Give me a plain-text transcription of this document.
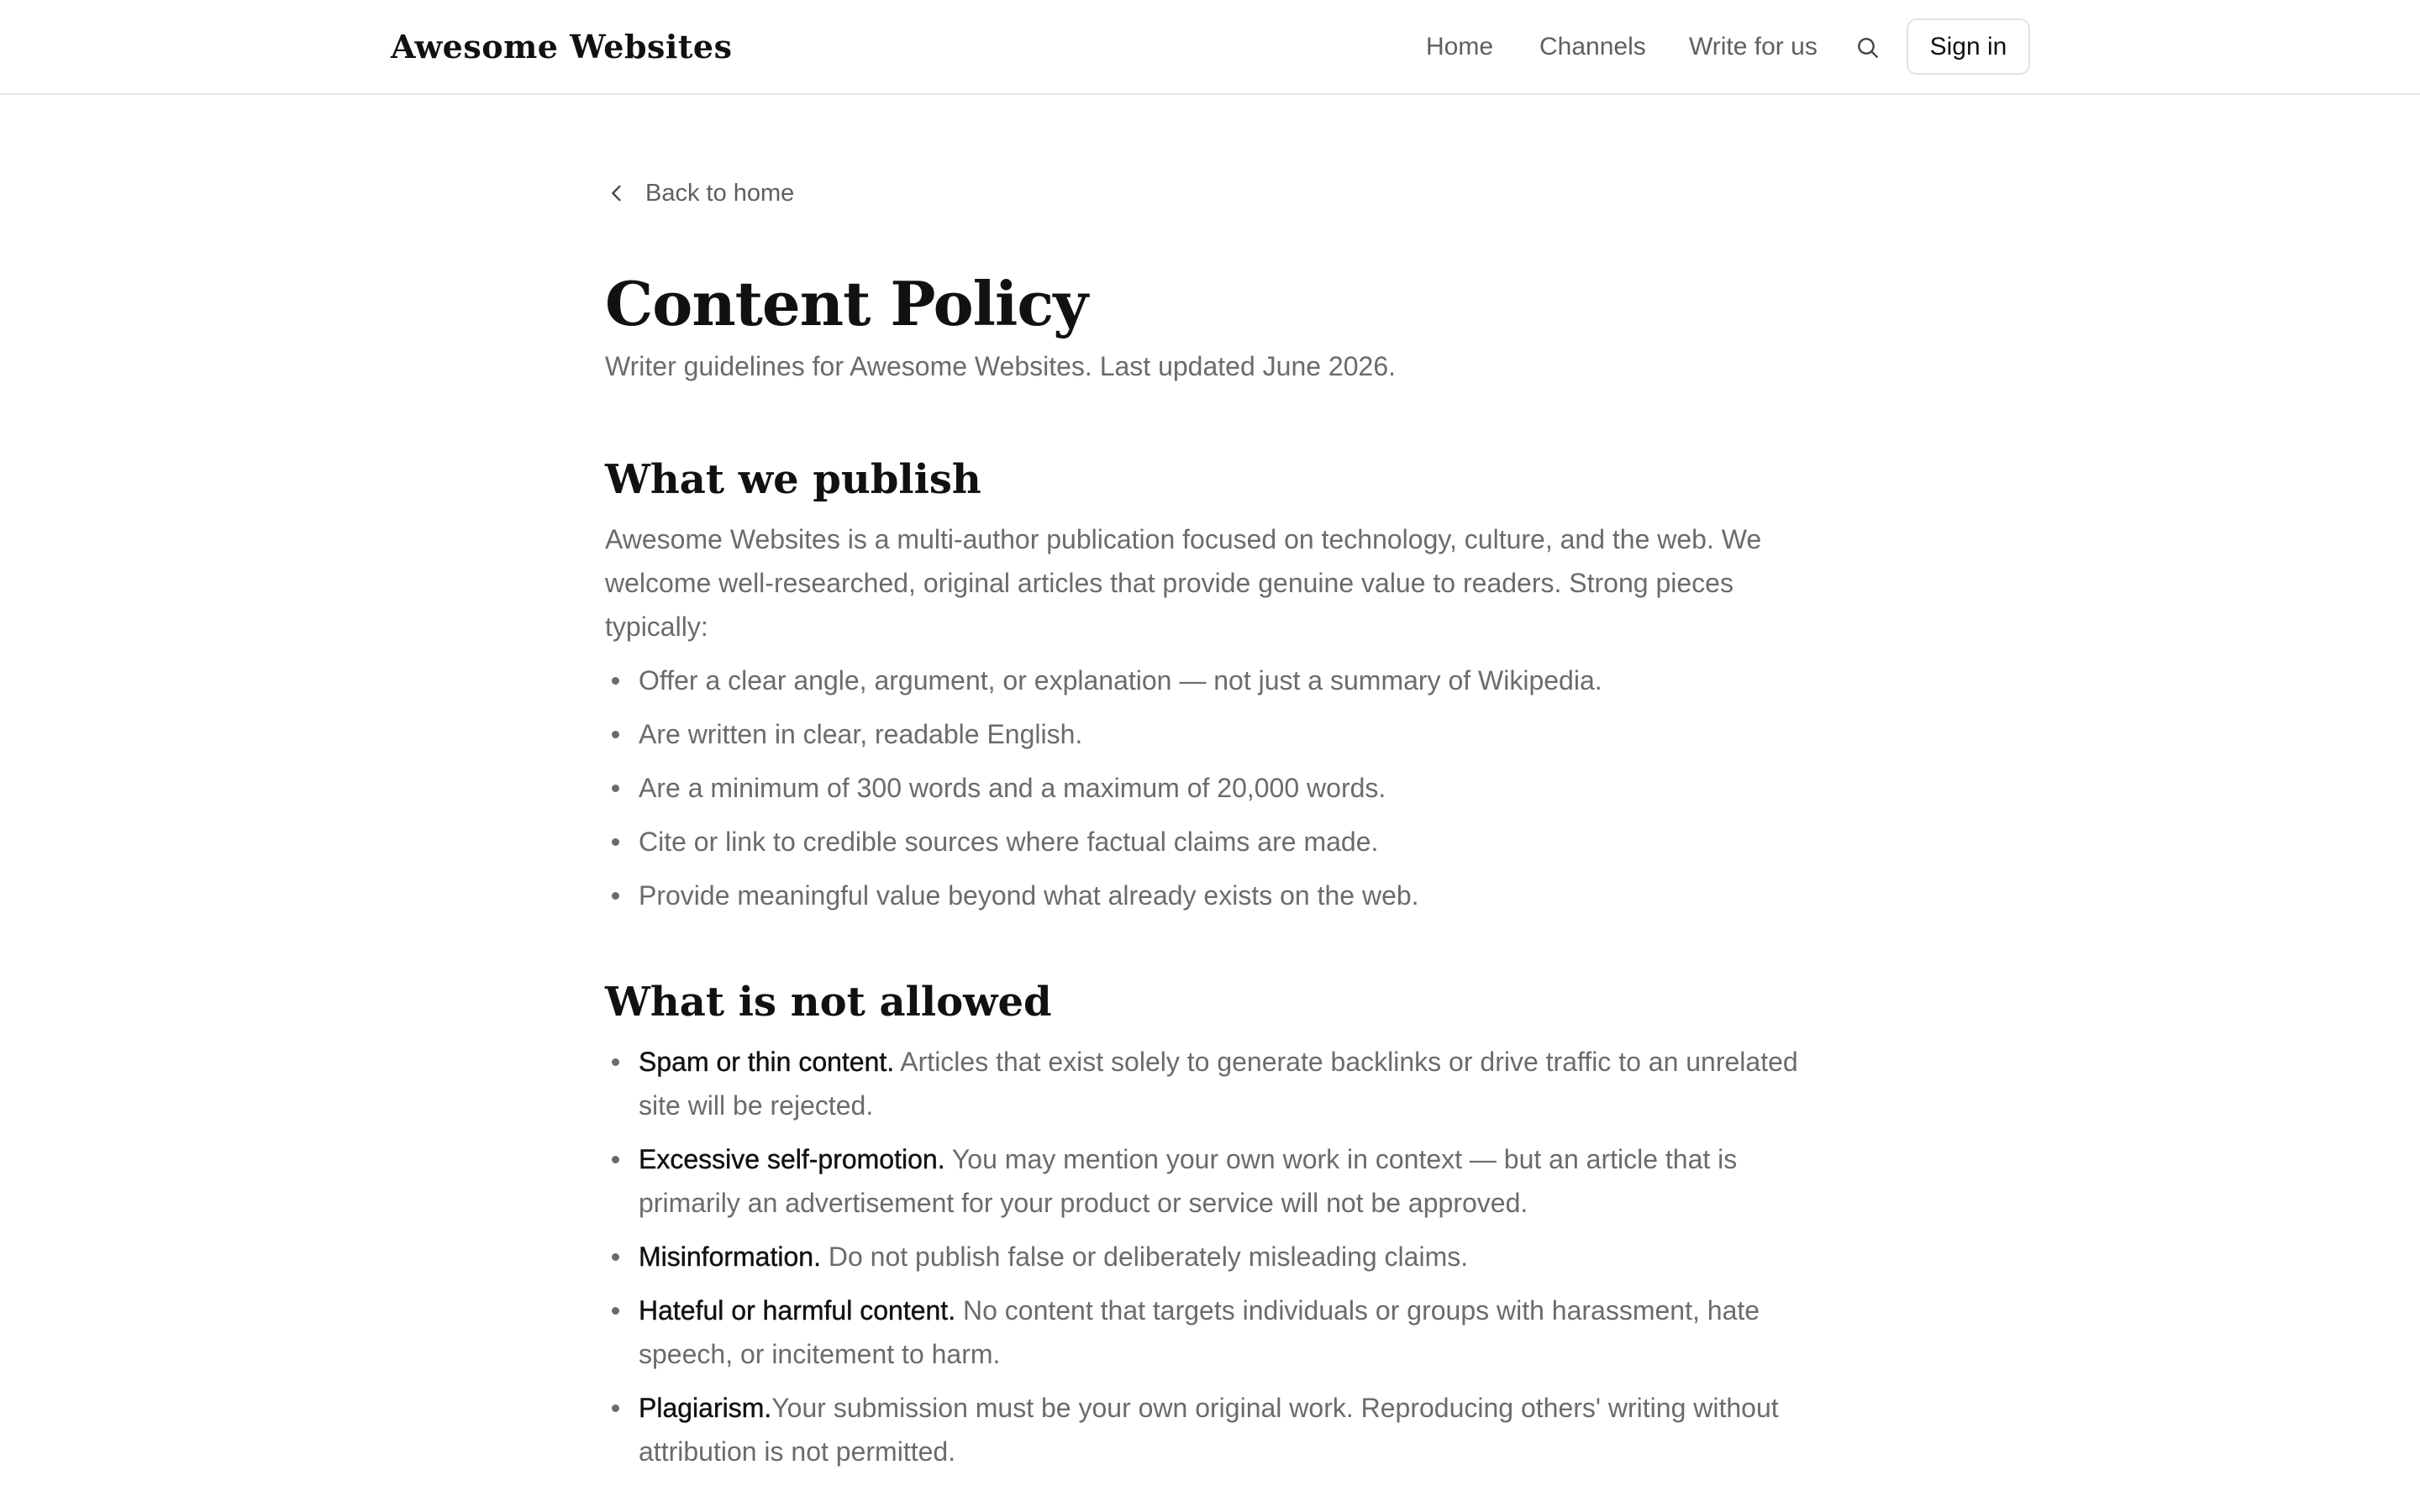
Awesome Websites	Home Channels Write for us	Sign in
Back to home
Content Policy

Writer guidelines for Awesome Websites. Last updated June 2026.

What we publish

Awesome Websites is a multi-author publication focused on technology, culture, and the web. We welcome well-researched, original articles that provide genuine value to readers. Strong pieces typically:

Offer a clear angle, argument, or explanation — not just a summary of Wikipedia.
Are written in clear, readable English.
Are a minimum of 300 words and a maximum of 20,000 words.
Cite or link to credible sources where factual claims are made.
Provide meaningful value beyond what already exists on the web.
What is not allowed
Spam or thin content. Articles that exist solely to generate backlinks or drive traffic to an unrelated site will be rejected.
Excessive self-promotion. You may mention your own work in context — but an article that is primarily an advertisement for your product or service will not be approved.
Misinformation. Do not publish false or deliberately misleading claims.
Hateful or harmful content. No content that targets individuals or groups with harassment, hate speech, or incitement to harm.
Plagiarism.Your submission must be your own original work. Reproducing others' writing without attribution is not permitted.
